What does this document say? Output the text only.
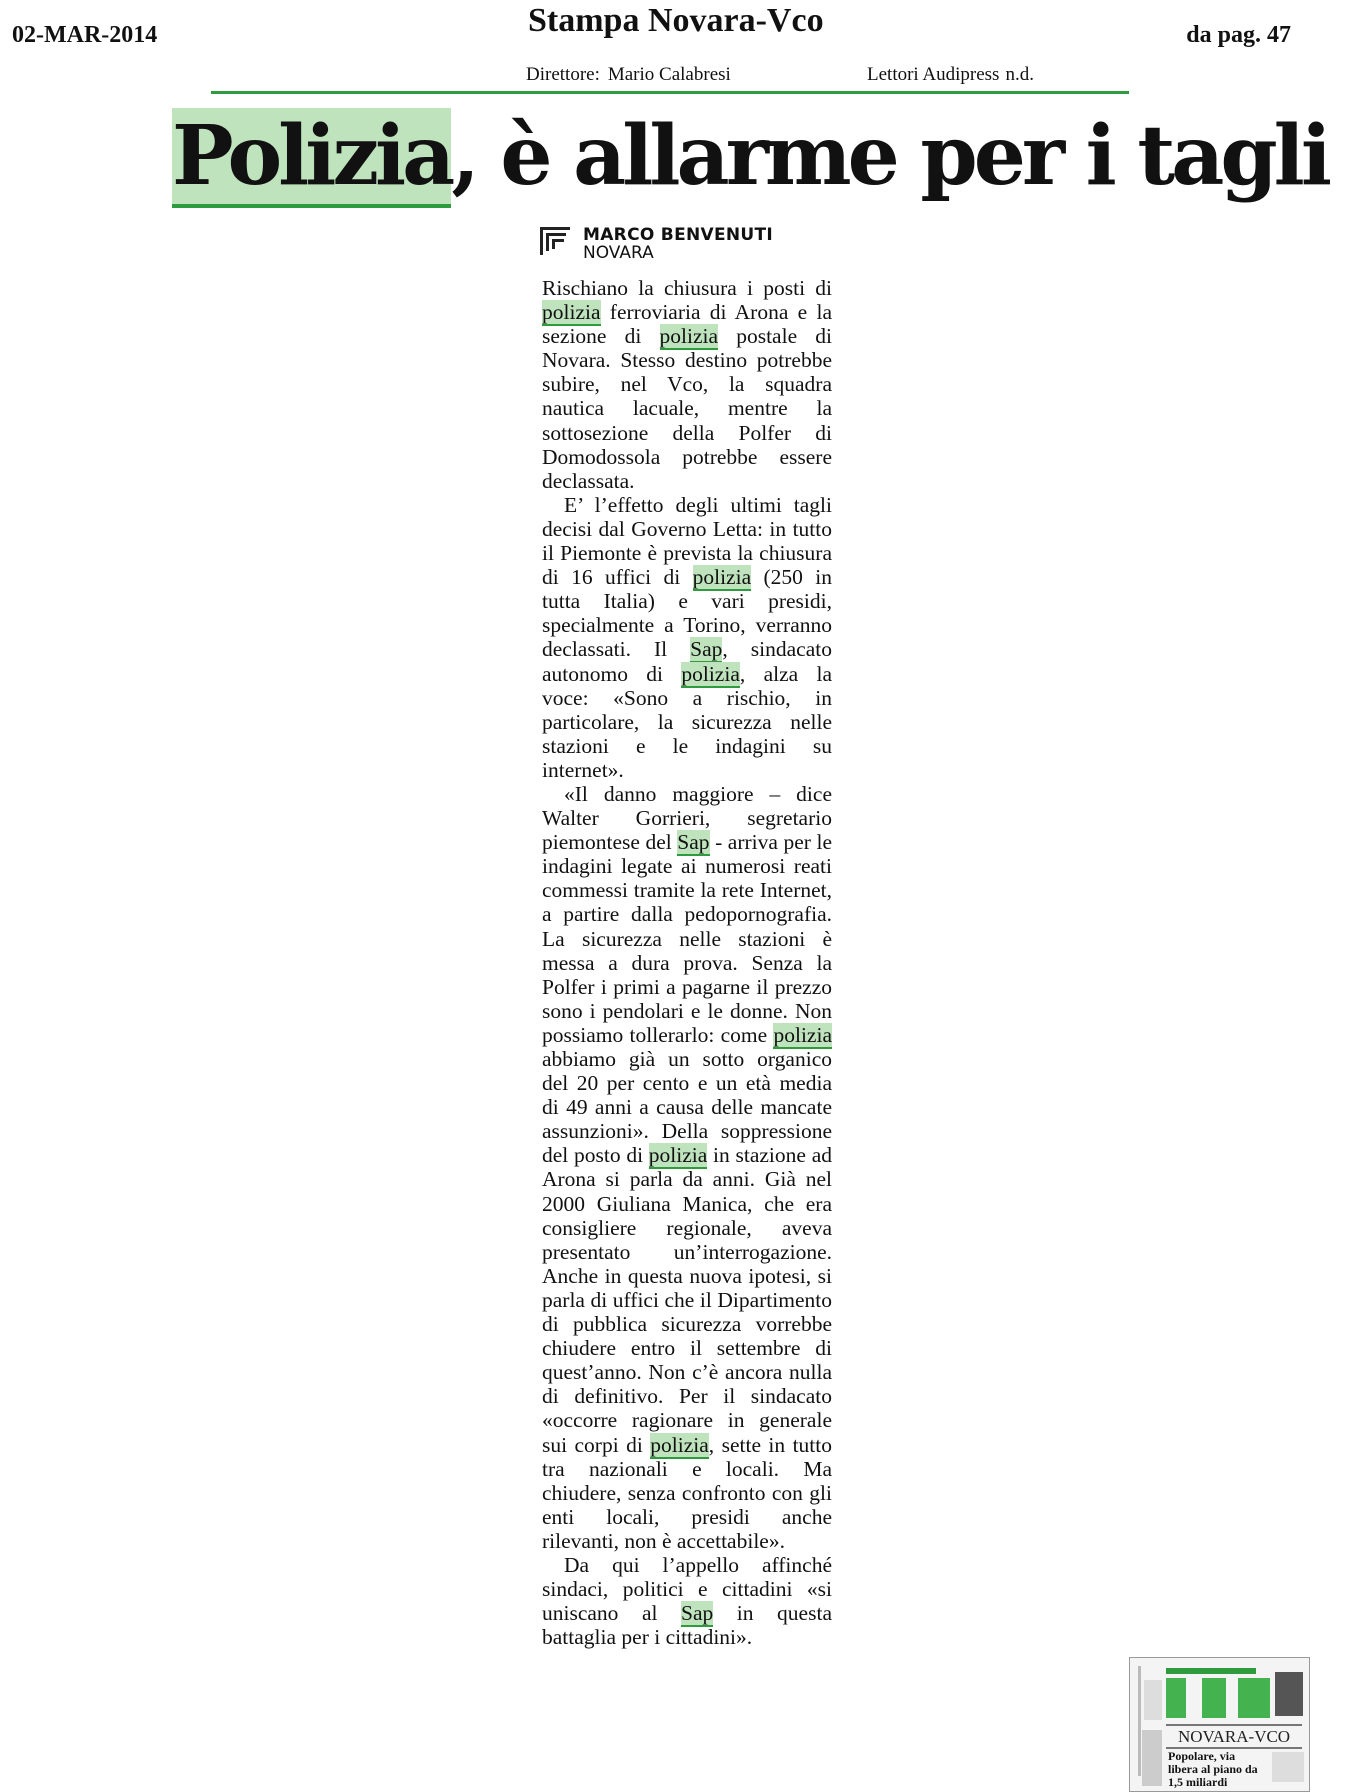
02-MAR-2014	Stampa Novara-Vco	da pag. 47
Direttore: Mario Calabresi	Lettori Audipress n.d.
Polizia, è allarme per i tagli
MARCO BENVENUTI
NOVARA

Rischiano la chiusura i posti di polizia ferroviaria di Arona e la sezione di polizia postale di Novara. Stesso destino potrebbe subire, nel Vco, la squadra nautica lacuale, mentre la sottosezione della Polfer di Domodossola potrebbe essere declassata.

E’ l’effetto degli ultimi tagli decisi dal Governo Letta: in tutto il Piemonte è prevista la chiusura di 16 uffici di polizia (250 in tutta Italia) e vari presidi, specialmente a Torino, verranno declassati. Il Sap, sindacato autonomo di polizia, alza la voce: «Sono a rischio, in particolare, la sicurezza nelle stazioni e le indagini su internet».

«Il danno maggiore – dice Walter Gorrieri, segretario piemontese del Sap - arriva per le indagini legate ai numerosi reati commessi tramite la rete Internet, a partire dalla pedopornografia. La sicurezza nelle stazioni è messa a dura prova. Senza la Polfer i primi a pagarne il prezzo sono i pendolari e le donne. Non possiamo tollerarlo: come polizia abbiamo già un sotto organico del 20 per cento e un età media di 49 anni a causa delle mancate assunzioni». Della soppressione del posto di polizia in stazione ad Arona si parla da anni. Già nel 2000 Giuliana Manica, che era consigliere regionale, aveva presentato un’interrogazione. Anche in questa nuova ipotesi, si parla di uffici che il Dipartimento di pubblica sicurezza vorrebbe chiudere entro il settembre di quest’anno. Non c’è ancora nulla di definitivo. Per il sindacato «occorre ragionare in generale sui corpi di polizia, sette in tutto tra nazionali e locali. Ma chiudere, senza confronto con gli enti locali, presidi anche rilevanti, non è accettabile».

Da qui l’appello affinché sindaci, politici e cittadini «si uniscano al Sap in questa battaglia per i cittadini».

NOVARA-VCO
Popolare, via libera al piano da 1,5 miliardi
